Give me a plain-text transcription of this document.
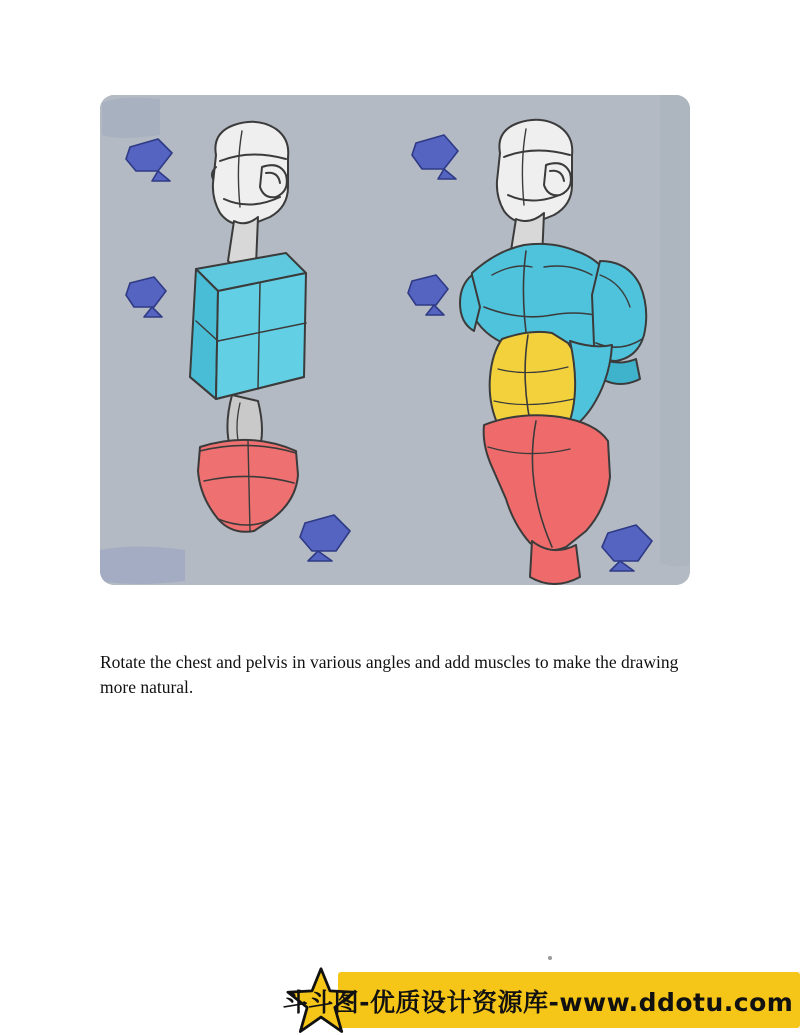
Rotate the chest and pelvis in various angles and add muscles to make the drawing more natural.

斗斗图-优质设计资源库-www.ddotu.com
